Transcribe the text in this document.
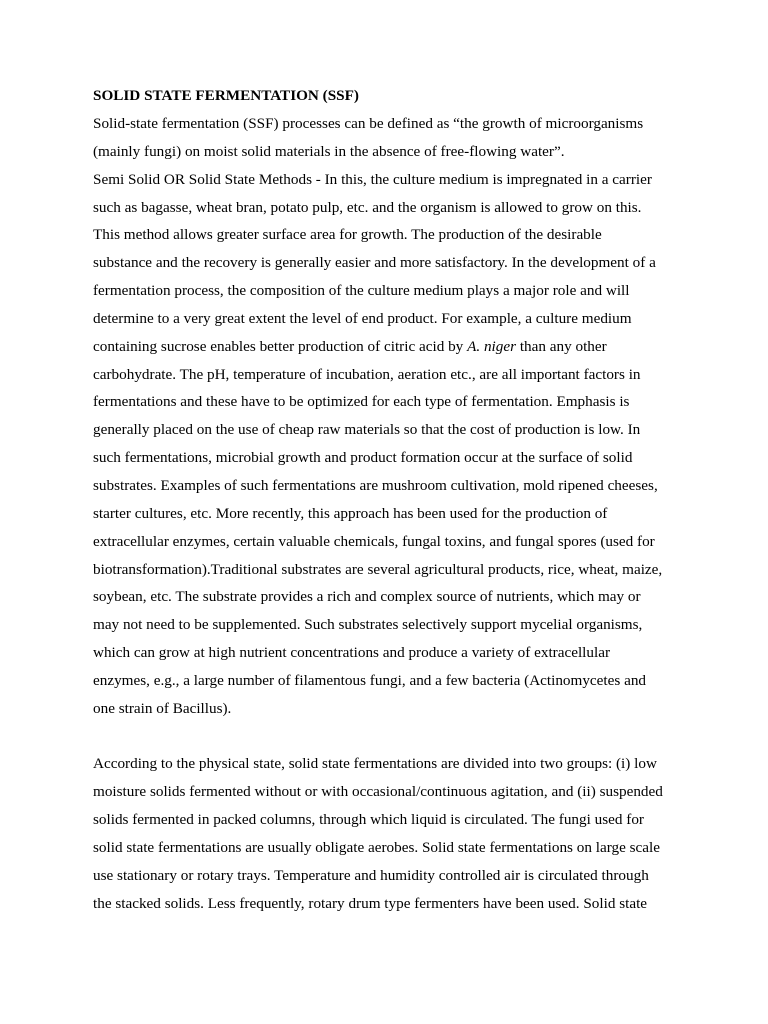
SOLID STATE FERMENTATION (SSF)

Solid-state fermentation (SSF) processes can be defined as “the growth of microorganisms
(mainly fungi) on moist solid materials in the absence of free-flowing water”.
Semi Solid OR Solid State Methods - In this, the culture medium is impregnated in a carrier
such as bagasse, wheat bran, potato pulp, etc. and the organism is allowed to grow on this.
This method allows greater surface area for growth. The production of the desirable
substance and the recovery is generally easier and more satisfactory. In the development of a
fermentation process, the composition of the culture medium plays a major role and will
determine to a very great extent the level of end product. For example, a culture medium
containing sucrose enables better production of citric acid by A. niger than any other
carbohydrate. The pH, temperature of incubation, aeration etc., are all important factors in
fermentations and these have to be optimized for each type of fermentation. Emphasis is
generally placed on the use of cheap raw materials so that the cost of production is low. In
such fermentations, microbial growth and product formation occur at the surface of solid
substrates. Examples of such fermentations are mushroom cultivation, mold ripened cheeses,
starter cultures, etc. More recently, this approach has been used for the production of
extracellular enzymes, certain valuable chemicals, fungal toxins, and fungal spores (used for
biotransformation).Traditional substrates are several agricultural products, rice, wheat, maize,
soybean, etc. The substrate provides a rich and complex source of nutrients, which may or
may not need to be supplemented. Such substrates selectively support mycelial organisms,
which can grow at high nutrient concentrations and produce a variety of extracellular
enzymes, e.g., a large number of filamentous fungi, and a few bacteria (Actinomycetes and
one strain of Bacillus).
According to the physical state, solid state fermentations are divided into two groups: (i) low
moisture solids fermented without or with occasional/continuous agitation, and (ii) suspended
solids fermented in packed columns, through which liquid is circulated. The fungi used for
solid state fermentations are usually obligate aerobes. Solid state fermentations on large scale
use stationary or rotary trays. Temperature and humidity controlled air is circulated through
the stacked solids. Less frequently, rotary drum type fermenters have been used. Solid state
